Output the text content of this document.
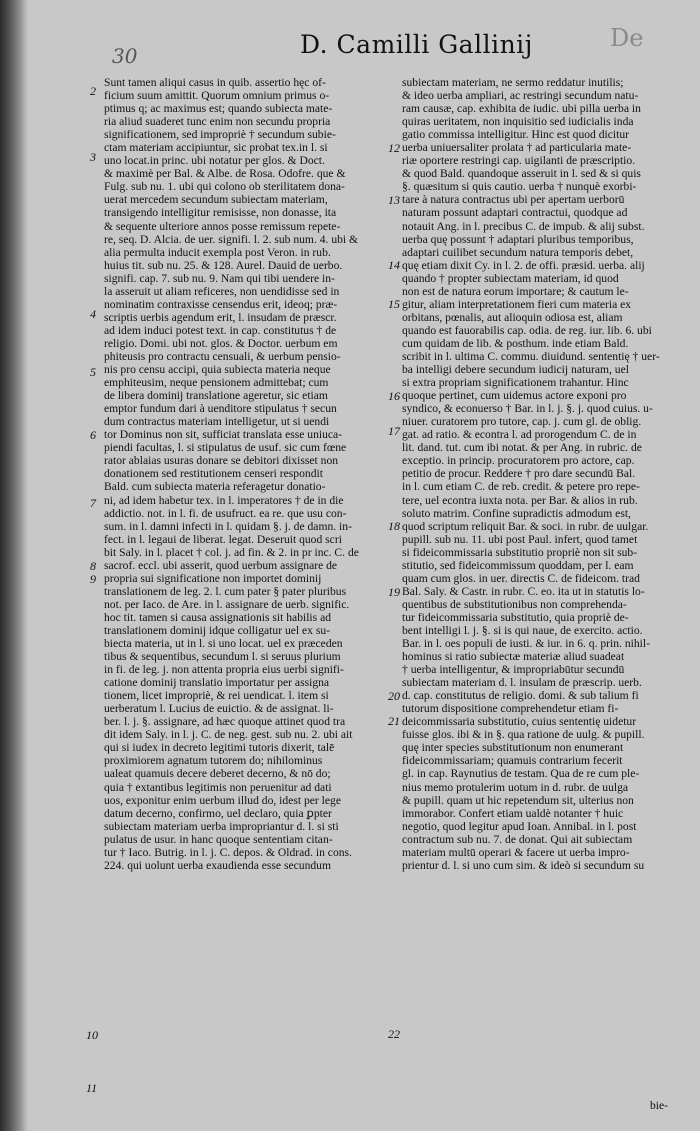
30	D. Camilli Gallinij	De
Sunt tamen aliqui casus in quib. assertio hęc of-
ficium suum amittit. Quorum omnium primus o-
ptimus q; ac maximus est; quando subiecta mate-
ria aliud suaderet tunc enim non secundu propria
significationem, sed impropriè † secundum subie-
ctam materiam accipiuntur, sic probat tex.in l. si
uno locat.in princ. ubi notatur per glos. & Doct.
& maximè per Bal. & Albe. de Rosa. Odofre. que &
Fulg. sub nu. 1. ubi qui colono ob sterilitatem dona-
uerat mercedem secundum subiectam materiam,
transigendo intelligitur remisisse, non donasse, ita
& sequente ulteriore annos posse remissum repete-
re, seq. D. Alcia. de uer. signifi. l. 2. sub num. 4. ubi &
alia permulta inducit exempla post Veron. in rub.
huius tit. sub nu. 25. & 128. Aurel. Dauid de uerbo.
signifi. cap. 7. sub nu. 9. Nam qui tibi uendere in-
la asseruit ut aliam reficeres, non uendidisse sed in
nominatim contraxisse censendus erit, ideoq; præ-
scriptis uerbis agendum erit, l. insudam de præscr.
ad idem induci potest text. in cap. constitutus † de
religio. Domi. ubi not. glos. & Doctor. uerbum em
phiteusis pro contractu censuali, & uerbum pensio-
nis pro censu accipi, quia subiecta materia neque
emphiteusim, neque pensionem admittebat; cum
de libera dominij translatione ageretur, sic etiam
emptor fundum dari à uenditore stipulatus † secun
dum contractus materiam intelligetur, ut si uendi
tor Dominus non sit, sufficiat translata esse uniuca-
piendi facultas, l. si stipulatus de usuf. sic cum fœne
rator ablaias usuras donare se debitori dixisset non
donationem sed restitutionem censeri respondit
Bald. cum subiecta materia referagetur donatio-
ni, ad idem habetur tex. in l. imperatores † de in die
addictio. not. in l. fi. de usufruct. ea re. que usu con-
sum. in l. damni infecti in l. quidam §. j. de damn. in-
fect. in l. legaui de liberat. legat. Deseruit quod scri
bit Saly. in l. placet † col. j. ad fin. & 2. in pr inc. C. de
sacrof. eccl. ubi asserit, quod uerbum assignare de
propria sui significatione non importet dominij
translationem de leg. 2. l. cum pater § pater pluribus
not. per Iaco. de Are. in l. assignare de uerb. signific.
hoc tit. tamen si causa assignationis sit habilis ad
translationem dominij idque colligatur uel ex su-
biecta materia, ut in l. si uno locat. uel ex præceden
tibus & sequentibus, secundum l. si seruus plurium
in fi. de leg. j. non attenta propria eius uerbi signifi-
catione dominij translatio importatur per assigna
tionem, licet impropriè, & rei uendicat. l. item si
uerberatum l. Lucius de euictio. & de assignat. li-
ber. l. j. §. assignare, ad hæc quoque attinet quod tra
dit idem Saly. in l. j. C. de neg. gest. sub nu. 2. ubi ait
qui si iudex in decreto legitimi tutoris dixerit, talē
proximiorem agnatum tutorem do; nihilominus
ualeat quamuis decere deberet decerno, & nō do;
quia † extantibus legitimis non peruenitur ad dati
uos, exponitur enim uerbum illud do, idest per lege
datum decerno, confirmo, uel declaro, quia ꝑpter
subiectam materiam uerba impropriantur d. l. si sti
pulatus de usur. in hanc quoque sententiam citan-
tur † Iaco. Butrig. in l. j. C. depos. & Oldrad. in cons.
224. qui uolunt uerba exaudienda esse secundum
subiectam materiam, ne sermo reddatur inutilis;
& ideo uerba ampliari, ac restringi secundum natu-
ram causæ, cap. exhibita de iudic. ubi pilla uerba in
quiras ueritatem, non inquisitio sed iudicialis inda
gatio commissa intelligitur. Hinc est quod dicitur
uerba uniuersaliter prolata † ad particularia mate-
riæ oportere restringi cap. uigilanti de præscriptio.
& quod Bald. quandoque asseruit in l. sed & si quis
§. quæsitum si quis cautio. uerba † nunquè exorbi-
tare à natura contractus ubi per apertam uerborū
naturam possunt adaptari contractui, quodque ad
notauit Ang. in l. precibus C. de impub. & alij subst.
uerba quę possunt † adaptari pluribus temporibus,
adaptari cuilibet secundum natura temporis debet,
quę etiam dixit Cy. in l. 2. de offi. præsid. uerba. alij
quando † propter subiectam materiam, id quod
non est de natura eorum importare; & cautum le-
gitur, aliam interpretationem fieri cum materia ex
orbitans, pœnalis, aut alioquin odiosa est, aliam
quando est fauorabilis cap. odia. de reg. iur. lib. 6. ubi
cum quidam de lib. & posthum. inde etiam Bald.
scribit in l. ultima C. commu. diuidund. sententię † uer-
ba intelligi debere secundum iudicij naturam, uel
si extra propriam significationem trahantur. Hinc
quoque pertinet, cum uidemus actore exponi pro
syndico, & econuerso † Bar. in l. j. §. j. quod cuius. u-
niuer. curatorem pro tutore, cap. j. cum gl. de oblig.
gat. ad ratio. & econtra l. ad prorogendum C. de in
lit. dand. tut. cum ibi notat. & per Ang. in rubric. de
exceptio. in princip. procuratorem pro actore, cap.
petitio de procur. Reddere † pro dare secundū Bal.
in l. cum etiam C. de reb. credit. & petere pro repe-
tere, uel econtra iuxta nota. per Bar. & alios in rub.
soluto matrim. Confine supradictis admodum est,
quod scriptum reliquit Bar. & soci. in rubr. de uulgar.
pupill. sub nu. 11. ubi post Paul. infert, quod tamet
si fideicommissaria substitutio propriè non sit sub-
stitutio, sed fideicommissum quoddam, per l. eam
quam cum glos. in uer. directis C. de fideicom. trad
Bal. Saly. & Castr. in rubr. C. eo. ita ut in statutis lo-
quentibus de substitutionibus non comprehenda-
tur fideicommissaria substitutio, quia propriè de-
bent intelligi l. j. §. si is qui naue, de exercito. actio.
Bar. in l. oes populi de iusti. & iur. in 6. q. prin. nihil-
hominus si ratio subiectæ materiæ aliud suadeat
† uerba intelligentur, & impropriabūtur secundū
subiectam materiam d. l. insulam de præscrip. uerb.
d. cap. constitutus de religio. domi. & sub talium fi
tutorum dispositione comprehendetur etiam fi-
deicommissaria substitutio, cuius sententię uidetur
fuisse glos. ibi & in §. qua ratione de uulg. & pupill.
quę inter species substitutionum non enumerant
fideicommissariam; quamuis contrarium fecerit
gl. in cap. Raynutius de testam. Qua de re cum ple-
nius memo protulerim uotum in d. rubr. de uulga
& pupill. quam ut hic repetendum sit, ulterius non
immorabor. Confert etiam ualdè notanter † huic
negotio, quod legitur apud Ioan. Annibal. in l. post
contractum sub nu. 7. de donat. Qui ait subiectam
materiam multū operari & facere ut uerba impro-
prientur d. l. si uno cum sim. & ideò si secundum su
bie-
2
3
4
5
6
7
8
9
10
11
12
13
14
15
16
17
18
19
20
21
22
